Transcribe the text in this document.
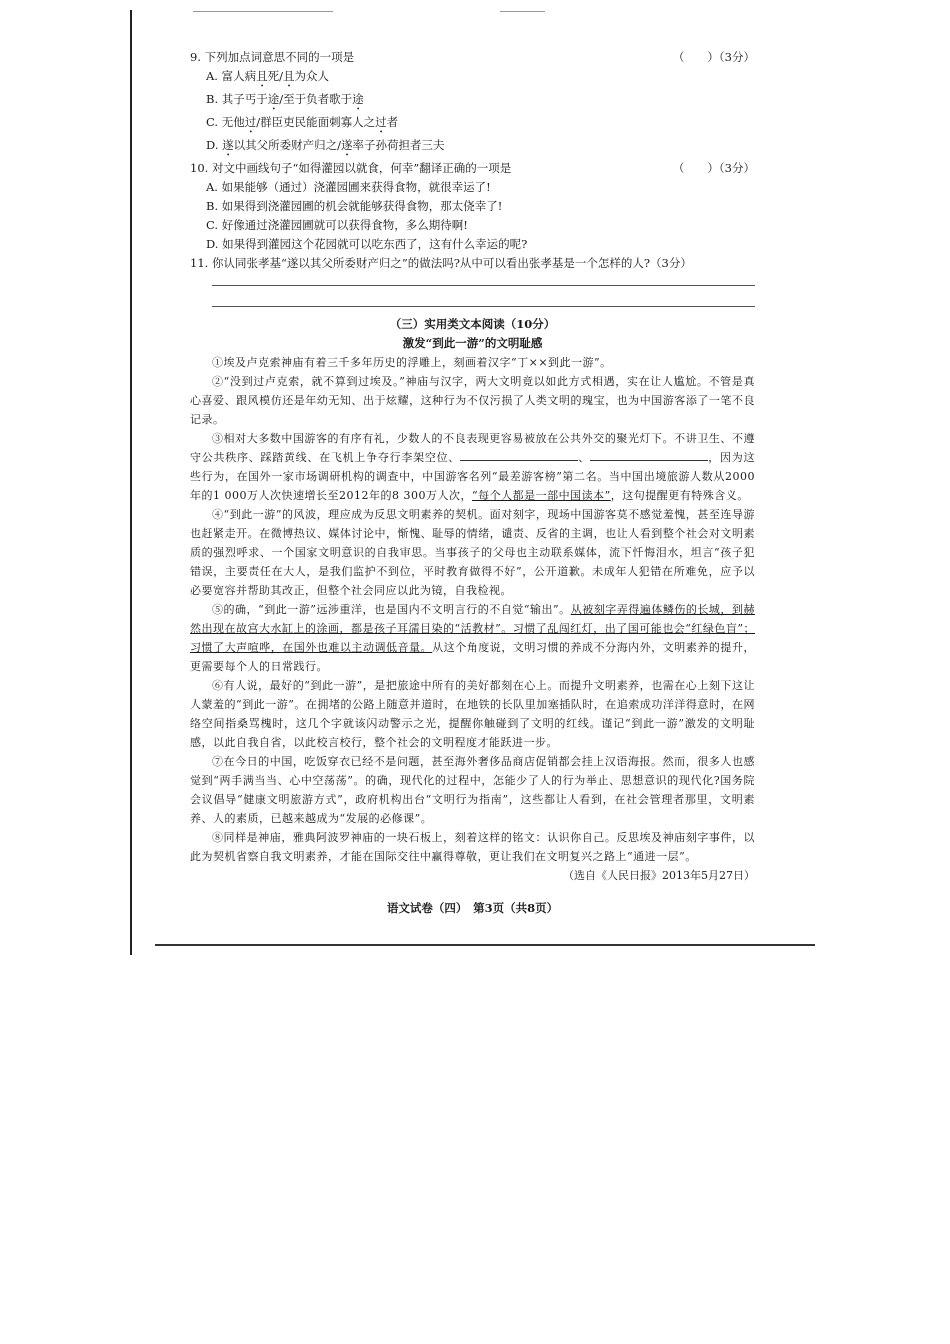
9. 下列加点词意思不同的一项是	（　　）（3分）
A. 富人病且死/且为众人
B. 其子丐于途/至于负者歌于途
C. 无他过/群臣吏民能面刺寡人之过者
D. 遂以其父所委财产归之/遂率子孙荷担者三夫
10. 对文中画线句子“如得灌园以就食，何幸”翻译正确的一项是	（　　）（3分）
A. 如果能够（通过）浇灌园圃来获得食物，就很幸运了!
B. 如果得到浇灌园圃的机会就能够获得食物，那太侥幸了!
C. 好像通过浇灌园圃就可以获得食物，多么期待啊!
D. 如果得到灌园这个花园就可以吃东西了，这有什么幸运的呢?
11. 你认同张孝基“遂以其父所委财产归之”的做法吗?从中可以看出张孝基是一个怎样的人?（3分）
（三）实用类文本阅读（10分）
激发“到此一游”的文明耻感

①埃及卢克索神庙有着三千多年历史的浮雕上，刻画着汉字“丁××到此一游”。

②“没到过卢克索，就不算到过埃及。”神庙与汉字，两大文明竟以如此方式相遇，实在让人尴尬。不管是真心喜爱、跟风模仿还是年幼无知、出于炫耀，这种行为不仅污损了人类文明的瑰宝，也为中国游客添了一笔不良记录。

③相对大多数中国游客的有序有礼，少数人的不良表现更容易被放在公共外交的聚光灯下。不讲卫生、不遵守公共秩序、踩踏黄线、在飞机上争夺行李架空位、	、	，因为这些行为，在国外一家市场调研机构的调查中，中国游客名列“最差游客榜”第二名。当中国出境旅游人数从2000年的1 000万人次快速增长至2012年的8 300万人次，“每个人都是一部中国读本”，这句提醒更有特殊含义。

④“到此一游”的风波，理应成为反思文明素养的契机。面对刻字，现场中国游客莫不感觉羞愧，甚至连导游也赶紧走开。在微博热议、媒体讨论中，惭愧、耻辱的情绪，谴责、反省的主调，也让人看到整个社会对文明素质的强烈呼求、一个国家文明意识的自我审思。当事孩子的父母也主动联系媒体，流下忏悔泪水，坦言“孩子犯错误，主要责任在大人，是我们监护不到位，平时教育做得不好”，公开道歉。未成年人犯错在所难免，应予以必要宽容并帮助其改正，但整个社会同应以此为镜，自我检视。

⑤的确，“到此一游”远涉重洋，也是国内不文明言行的不自觉“输出”。从被刻字弄得遍体鳞伤的长城，到赫然出现在故宫大水缸上的涂画，都是孩子耳濡目染的“活教材”。习惯了乱闯红灯，出了国可能也会“红绿色盲”；习惯了大声喧哗，在国外也难以主动调低音量。从这个角度说，文明习惯的养成不分海内外，文明素养的提升，更需要每个人的日常践行。

⑥有人说，最好的“到此一游”，是把旅途中所有的美好都刻在心上。而提升文明素养，也需在心上刻下这让人蒙羞的“到此一游”。在拥堵的公路上随意并道时，在地铁的长队里加塞插队时，在追索成功洋洋得意时，在网络空间指桑骂槐时，这几个字就该闪动警示之光，提醒你触碰到了文明的红线。谨记“到此一游”激发的文明耻感，以此自我自省，以此校言校行，整个社会的文明程度才能跃进一步。

⑦在今日的中国，吃饭穿衣已经不是问题，甚至海外奢侈品商店促销都会挂上汉语海报。然而，很多人也感觉到“两手满当当、心中空荡荡”。的确，现代化的过程中，怎能少了人的行为举止、思想意识的现代化?国务院会议倡导“健康文明旅游方式”，政府机构出台“文明行为指南”，这些都让人看到，在社会管理者那里，文明素养、人的素质，已越来越成为“发展的必修课”。

⑧同样是神庙，雅典阿波罗神庙的一块石板上，刻着这样的铭文：认识你自己。反思埃及神庙刻字事件，以此为契机省察自我文明素养，才能在国际交往中赢得尊敬，更让我们在文明复兴之路上“通进一层”。

（选自《人民日报》2013年5月27日）
语文试卷（四）　第3页（共8页）
